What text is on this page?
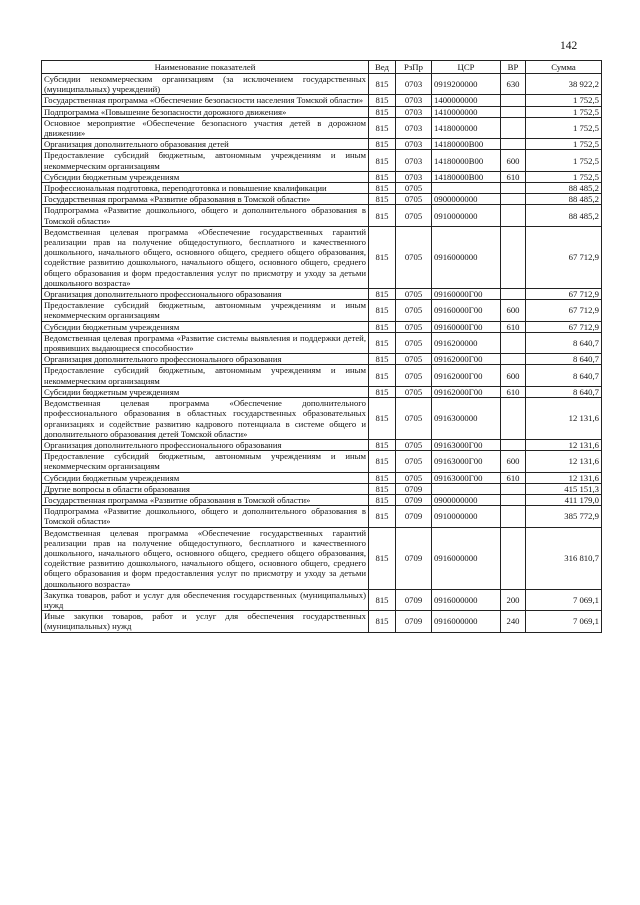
142
Наименование показателей	Вед	РзПр	ЦСР	ВР	Сумма
Субсидии некоммерческим организациям (за исключением государственных (муниципальных) учреждений)	815	0703	0919200000	630	38 922,2
Государственная программа «Обеспечение безопасности населения Томской области»	815	0703	1400000000		1 752,5
Подпрограмма «Повышение безопасности дорожного движения»	815	0703	1410000000		1 752,5
Основное мероприятие «Обеспечение безопасного участия детей в дорожном движении»	815	0703	1418000000		1 752,5
Организация дополнительного образования детей	815	0703	14180000В00		1 752,5
Предоставление субсидий бюджетным, автономным учреждениям и иным некоммерческим организациям	815	0703	14180000В00	600	1 752,5
Субсидии бюджетным учреждениям	815	0703	14180000В00	610	1 752,5
Профессиональная подготовка, переподготовка и повышение квалификации	815	0705			88 485,2
Государственная программа «Развитие образования в Томской области»	815	0705	0900000000		88 485,2
Подпрограмма «Развитие дошкольного, общего и дополнительного образования в Томской области»	815	0705	0910000000		88 485,2
Ведомственная целевая программа «Обеспечение государственных гарантий реализации прав на получение общедоступного, бесплатного и качественного дошкольного, начального общего, основного общего, среднего общего образования, содействие развитию дошкольного, начального общего, основного общего, среднего общего образования и форм предоставления услуг по присмотру и уходу за детьми дошкольного возраста»	815	0705	0916000000		67 712,9
Организация дополнительного профессионального образования	815	0705	09160000Г00		67 712,9
Предоставление субсидий бюджетным, автономным учреждениям и иным некоммерческим организациям	815	0705	09160000Г00	600	67 712,9
Субсидии бюджетным учреждениям	815	0705	09160000Г00	610	67 712,9
Ведомственная целевая программа «Развитие системы выявления и поддержки детей, проявивших выдающиеся способности»	815	0705	0916200000		8 640,7
Организация дополнительного профессионального образования	815	0705	09162000Г00		8 640,7
Предоставление субсидий бюджетным, автономным учреждениям и иным некоммерческим организациям	815	0705	09162000Г00	600	8 640,7
Субсидии бюджетным учреждениям	815	0705	09162000Г00	610	8 640,7
Ведомственная целевая программа «Обеспечение дополнительного профессионального образования в областных государственных образовательных организациях и содействие развитию кадрового потенциала в системе общего и дополнительного образования детей Томской области»	815	0705	0916300000		12 131,6
Организация дополнительного профессионального образования	815	0705	09163000Г00		12 131,6
Предоставление субсидий бюджетным, автономным учреждениям и иным некоммерческим организациям	815	0705	09163000Г00	600	12 131,6
Субсидии бюджетным учреждениям	815	0705	09163000Г00	610	12 131,6
Другие вопросы в области образования	815	0709			415 151,3
Государственная программа «Развитие образования в Томской области»	815	0709	0900000000		411 179,0
Подпрограмма «Развитие дошкольного, общего и дополнительного образования в Томской области»	815	0709	0910000000		385 772,9
Ведомственная целевая программа «Обеспечение государственных гарантий реализации прав на получение общедоступного, бесплатного и качественного дошкольного, начального общего, основного общего, среднего общего образования, содействие развитию дошкольного, начального общего, основного общего, среднего общего образования и форм предоставления услуг по присмотру и уходу за детьми дошкольного возраста»	815	0709	0916000000		316 810,7
Закупка товаров, работ и услуг для обеспечения государственных (муниципальных) нужд	815	0709	0916000000	200	7 069,1
Иные закупки товаров, работ и услуг для обеспечения государственных (муниципальных) нужд	815	0709	0916000000	240	7 069,1
